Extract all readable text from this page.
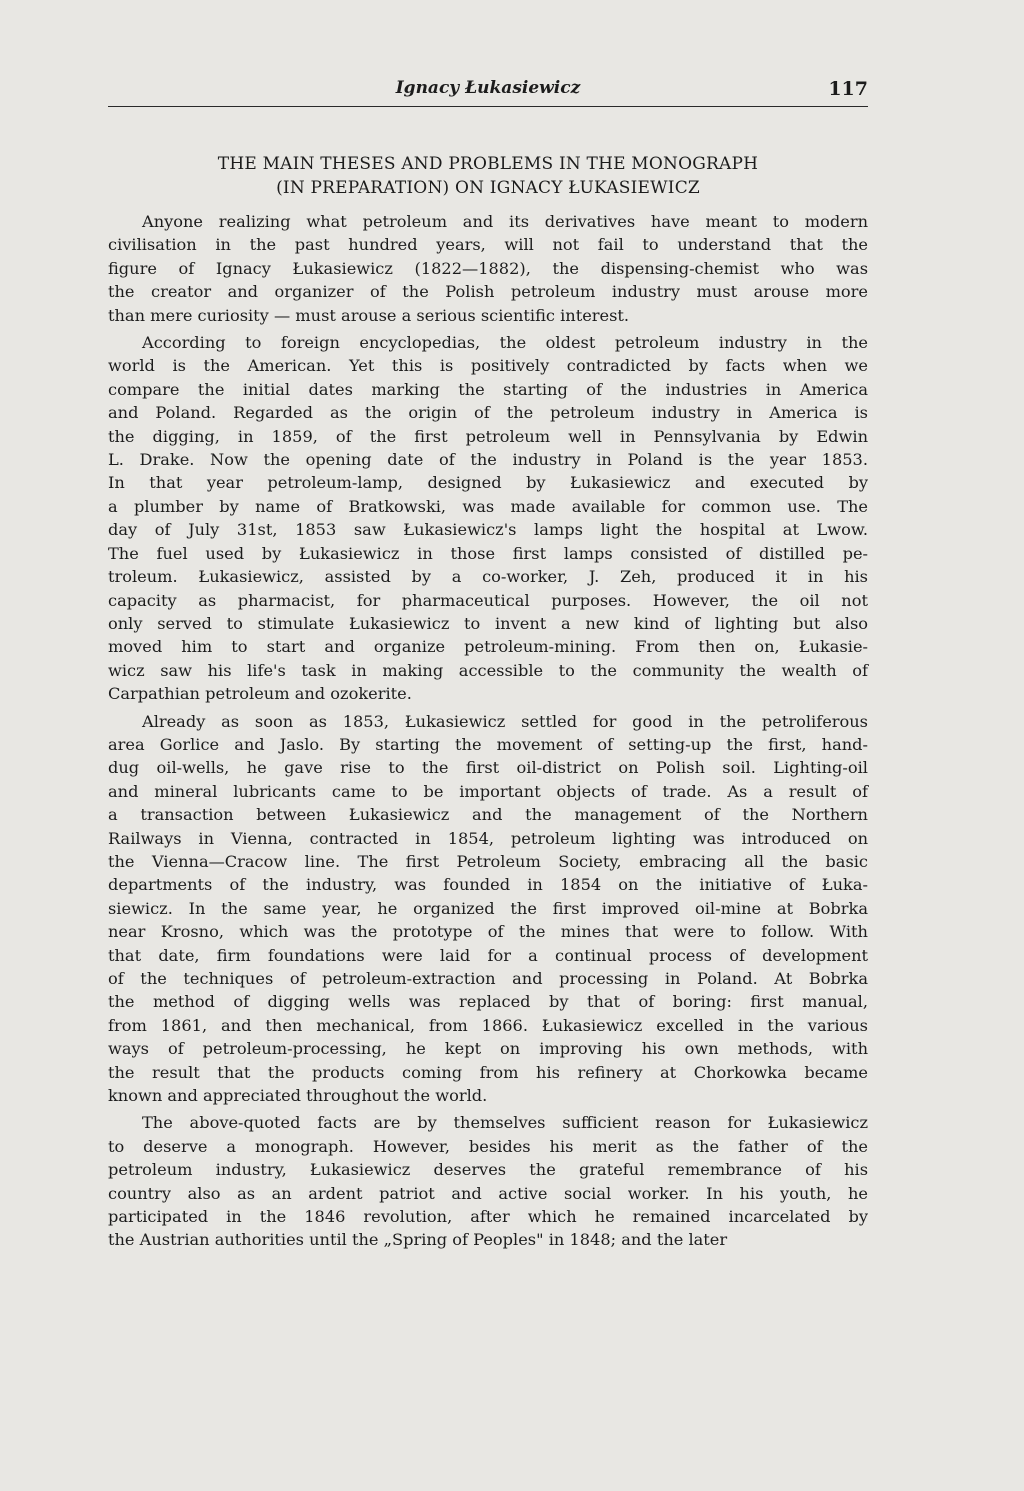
Ignacy Łukasiewicz	117
THE MAIN THESES AND PROBLEMS IN THE MONOGRAPH
(IN PREPARATION) ON IGNACY ŁUKASIEWICZ
Anyone realizing what petroleum and its derivatives have meant to modern
civilisation in the past hundred years, will not fail to understand that the
figure of Ignacy Łukasiewicz (1822—1882), the dispensing-chemist who was
the creator and organizer of the Polish petroleum industry must arouse more
than mere curiosity — must arouse a serious scientific interest.
According to foreign encyclopedias, the oldest petroleum industry in the
world is the American. Yet this is positively contradicted by facts when we
compare the initial dates marking the starting of the industries in America
and Poland. Regarded as the origin of the petroleum industry in America is
the digging, in 1859, of the first petroleum well in Pennsylvania by Edwin
L. Drake. Now the opening date of the industry in Poland is the year 1853.
In that year petroleum-lamp, designed by Łukasiewicz and executed by
a plumber by name of Bratkowski, was made available for common use. The
day of July 31st, 1853 saw Łukasiewicz's lamps light the hospital at Lwow.
The fuel used by Łukasiewicz in those first lamps consisted of distilled pe-
troleum. Łukasiewicz, assisted by a co-worker, J. Zeh, produced it in his
capacity as pharmacist, for pharmaceutical purposes. However, the oil not
only served to stimulate Łukasiewicz to invent a new kind of lighting but also
moved him to start and organize petroleum-mining. From then on, Łukasie-
wicz saw his life's task in making accessible to the community the wealth of
Carpathian petroleum and ozokerite.
Already as soon as 1853, Łukasiewicz settled for good in the petroliferous
area Gorlice and Jaslo. By starting the movement of setting-up the first, hand-
dug oil-wells, he gave rise to the first oil-district on Polish soil. Lighting-oil
and mineral lubricants came to be important objects of trade. As a result of
a transaction between Łukasiewicz and the management of the Northern
Railways in Vienna, contracted in 1854, petroleum lighting was introduced on
the Vienna—Cracow line. The first Petroleum Society, embracing all the basic
departments of the industry, was founded in 1854 on the initiative of Łuka-
siewicz. In the same year, he organized the first improved oil-mine at Bobrka
near Krosno, which was the prototype of the mines that were to follow. With
that date, firm foundations were laid for a continual process of development
of the techniques of petroleum-extraction and processing in Poland. At Bobrka
the method of digging wells was replaced by that of boring: first manual,
from 1861, and then mechanical, from 1866. Łukasiewicz excelled in the various
ways of petroleum-processing, he kept on improving his own methods, with
the result that the products coming from his refinery at Chorkowka became
known and appreciated throughout the world.
The above-quoted facts are by themselves sufficient reason for Łukasiewicz
to deserve a monograph. However, besides his merit as the father of the
petroleum industry, Łukasiewicz deserves the grateful remembrance of his
country also as an ardent patriot and active social worker. In his youth, he
participated in the 1846 revolution, after which he remained incarcelated by
the Austrian authorities until the „Spring of Peoples" in 1848; and the later
